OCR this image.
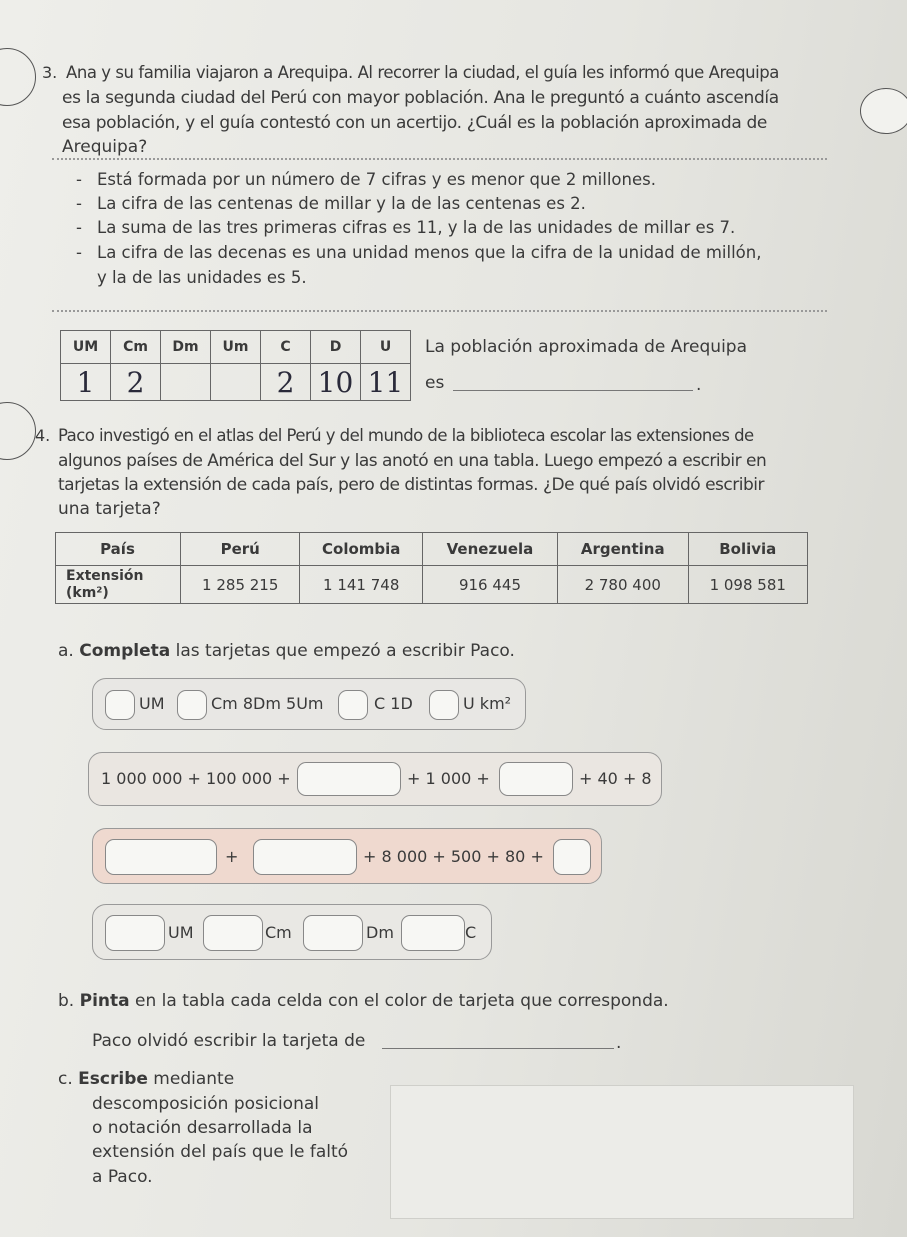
3. Ana y su familia viajaron a Arequipa. Al recorrer la ciudad, el guía les informó que Arequipa
es la segunda ciudad del Perú con mayor población. Ana le preguntó a cuánto ascendía
esa población, y el guía contestó con un acertijo. ¿Cuál es la población aproximada de
Arequipa?
- Está formada por un número de 7 cifras y es menor que 2 millones.
- La cifra de las centenas de millar y la de las centenas es 2.
- La suma de las tres primeras cifras es 11, y la de las unidades de millar es 7.
- La cifra de las decenas es una unidad menos que la cifra de la unidad de millón,
y la de las unidades es 5.
UM	Cm	Dm	Um	C	D	U
1	2			2	10	11
La población aproximada de Arequipa
es	.
4. Paco investigó en el atlas del Perú y del mundo de la biblioteca escolar las extensiones de
algunos países de América del Sur y las anotó en una tabla. Luego empezó a escribir en
tarjetas la extensión de cada país, pero de distintas formas. ¿De qué país olvidó escribir
una tarjeta?
País	Perú	Colombia	Venezuela	Argentina	Bolivia
Extensión
(km²)	1 285 215	1 141 748	916 445	2 780 400	1 098 581
a. Completa las tarjetas que empezó a escribir Paco.
UM	Cm 8Dm 5Um	C 1D	U km²
1 000 000 + 100 000 +	+ 1 000 +	+ 40 + 8
+	+ 8 000 + 500 + 80 +
UM	Cm	Dm	C
b. Pinta en la tabla cada celda con el color de tarjeta que corresponda.
Paco olvidó escribir la tarjeta de	.
c. Escribe mediante
descomposición posicional
o notación desarrollada la
extensión del país que le faltó
a Paco.
